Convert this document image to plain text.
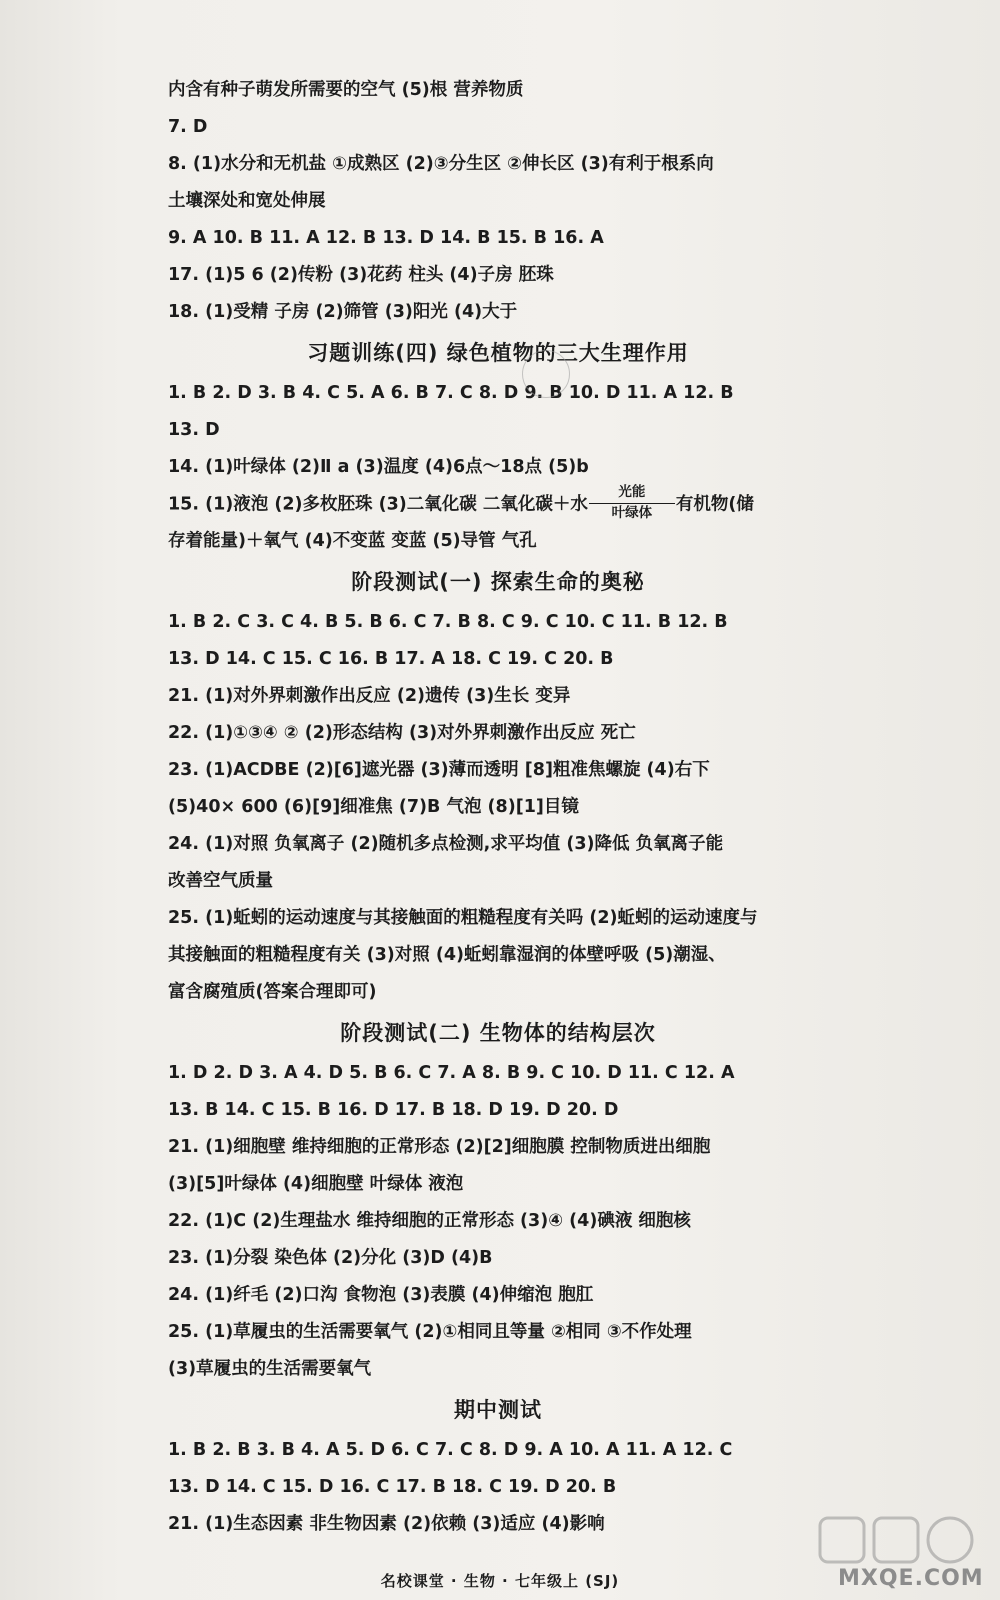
内含有种子萌发所需要的空气 (5)根 营养物质
7. D
8. (1)水分和无机盐 ①成熟区 (2)③分生区 ②伸长区 (3)有利于根系向
土壤深处和宽处伸展
9. A 10. B 11. A 12. B 13. D 14. B 15. B 16. A
17. (1)5 6 (2)传粉 (3)花药 柱头 (4)子房 胚珠
18. (1)受精 子房 (2)筛管 (3)阳光 (4)大于
习题训练(四) 绿色植物的三大生理作用
1. B 2. D 3. B 4. C 5. A 6. B 7. C 8. D 9. B 10. D 11. A 12. B
13. D
14. (1)叶绿体 (2)Ⅱ a (3)温度 (4)6点～18点 (5)b
15. (1)液泡 (2)多枚胚珠 (3)二氧化碳 二氧化碳＋水
光能
叶绿体	有机物(储
存着能量)＋氧气 (4)不变蓝 变蓝 (5)导管 气孔
阶段测试(一) 探索生命的奥秘
1. B 2. C 3. C 4. B 5. B 6. C 7. B 8. C 9. C 10. C 11. B 12. B
13. D 14. C 15. C 16. B 17. A 18. C 19. C 20. B
21. (1)对外界刺激作出反应 (2)遗传 (3)生长 变异
22. (1)①③④ ② (2)形态结构 (3)对外界刺激作出反应 死亡
23. (1)ACDBE (2)[6]遮光器 (3)薄而透明 [8]粗准焦螺旋 (4)右下
(5)40× 600 (6)[9]细准焦 (7)B 气泡 (8)[1]目镜
24. (1)对照 负氧离子 (2)随机多点检测,求平均值 (3)降低 负氧离子能
改善空气质量
25. (1)蚯蚓的运动速度与其接触面的粗糙程度有关吗 (2)蚯蚓的运动速度与
其接触面的粗糙程度有关 (3)对照 (4)蚯蚓靠湿润的体壁呼吸 (5)潮湿、
富含腐殖质(答案合理即可)
阶段测试(二) 生物体的结构层次
1. D 2. D 3. A 4. D 5. B 6. C 7. A 8. B 9. C 10. D 11. C 12. A
13. B 14. C 15. B 16. D 17. B 18. D 19. D 20. D
21. (1)细胞壁 维持细胞的正常形态 (2)[2]细胞膜 控制物质进出细胞
(3)[5]叶绿体 (4)细胞壁 叶绿体 液泡
22. (1)C (2)生理盐水 维持细胞的正常形态 (3)④ (4)碘液 细胞核
23. (1)分裂 染色体 (2)分化 (3)D (4)B
24. (1)纤毛 (2)口沟 食物泡 (3)表膜 (4)伸缩泡 胞肛
25. (1)草履虫的生活需要氧气 (2)①相同且等量 ②相同 ③不作处理
(3)草履虫的生活需要氧气
期中测试
1. B 2. B 3. B 4. A 5. D 6. C 7. C 8. D 9. A 10. A 11. A 12. C
13. D 14. C 15. D 16. C 17. B 18. C 19. D 20. B
21. (1)生态因素 非生物因素 (2)依赖 (3)适应 (4)影响
名校课堂 · 生物 · 七年级上 (SJ)	MXQE.COM
